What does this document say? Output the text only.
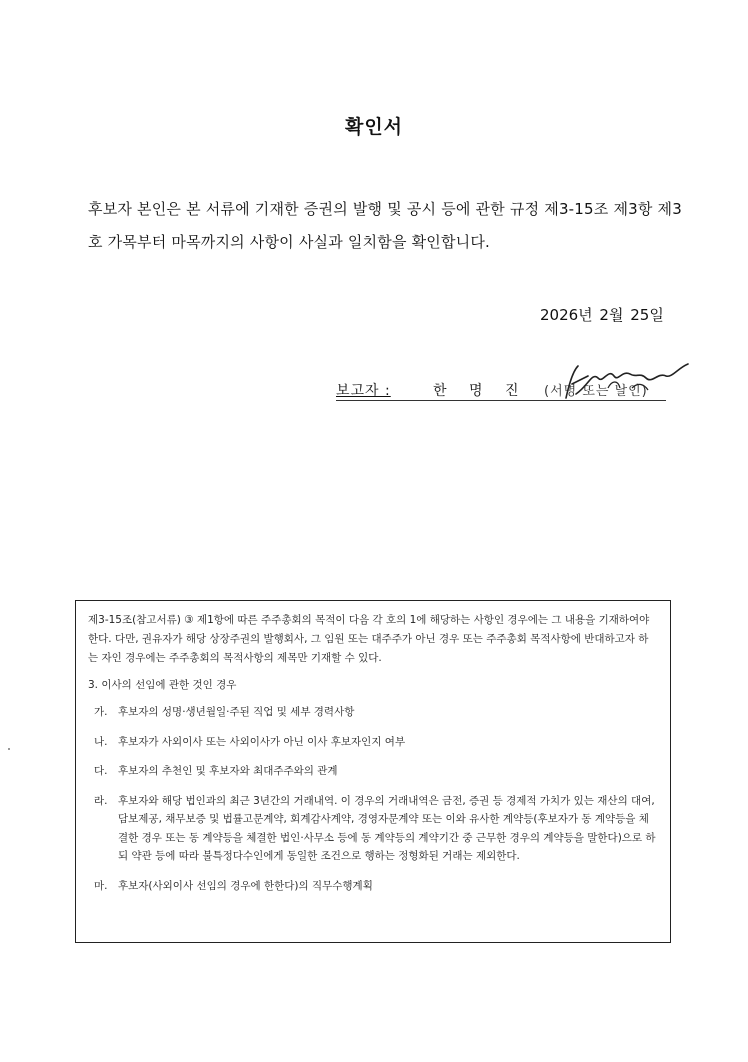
확인서
후보자 본인은 본 서류에 기재한 증권의 발행 및 공시 등에 관한 규정 제3-15조 제3항 제3호 가목부터 마목까지의 사항이 사실과 일치함을 확인합니다.
2026년 2월 25일
보고자 :	한 명 진 (서명 또는 날인)

제3-15조(참고서류) ③ 제1항에 따른 주주총회의 목적이 다음 각 호의 1에 해당하는 사항인 경우에는 그 내용을 기재하여야 한다. 다만, 권유자가 해당 상장주권의 발행회사, 그 임원 또는 대주주가 아닌 경우 또는 주주총회 목적사항에 반대하고자 하는 자인 경우에는 주주총회의 목적사항의 제목만 기재할 수 있다.

3. 이사의 선임에 관한 것인 경우
가. 후보자의 성명·생년월일·주된 직업 및 세부 경력사항
나. 후보자가 사외이사 또는 사외이사가 아닌 이사 후보자인지 여부
다. 후보자의 추천인 및 후보자와 최대주주와의 관계
라. 후보자와 해당 법인과의 최근 3년간의 거래내역. 이 경우의 거래내역은 금전, 증권 등 경제적 가치가 있는 재산의 대여, 담보제공, 채무보증 및 법률고문계약, 회계감사계약, 경영자문계약 또는 이와 유사한 계약등(후보자가 동 계약등을 체결한 경우 또는 동 계약등을 체결한 법인·사무소 등에 동 계약등의 계약기간 중 근무한 경우의 계약등을 말한다)으로 하되 약관 등에 따라 불특정다수인에게 동일한 조건으로 행하는 정형화된 거래는 제외한다.
마. 후보자(사외이사 선임의 경우에 한한다)의 직무수행계획
